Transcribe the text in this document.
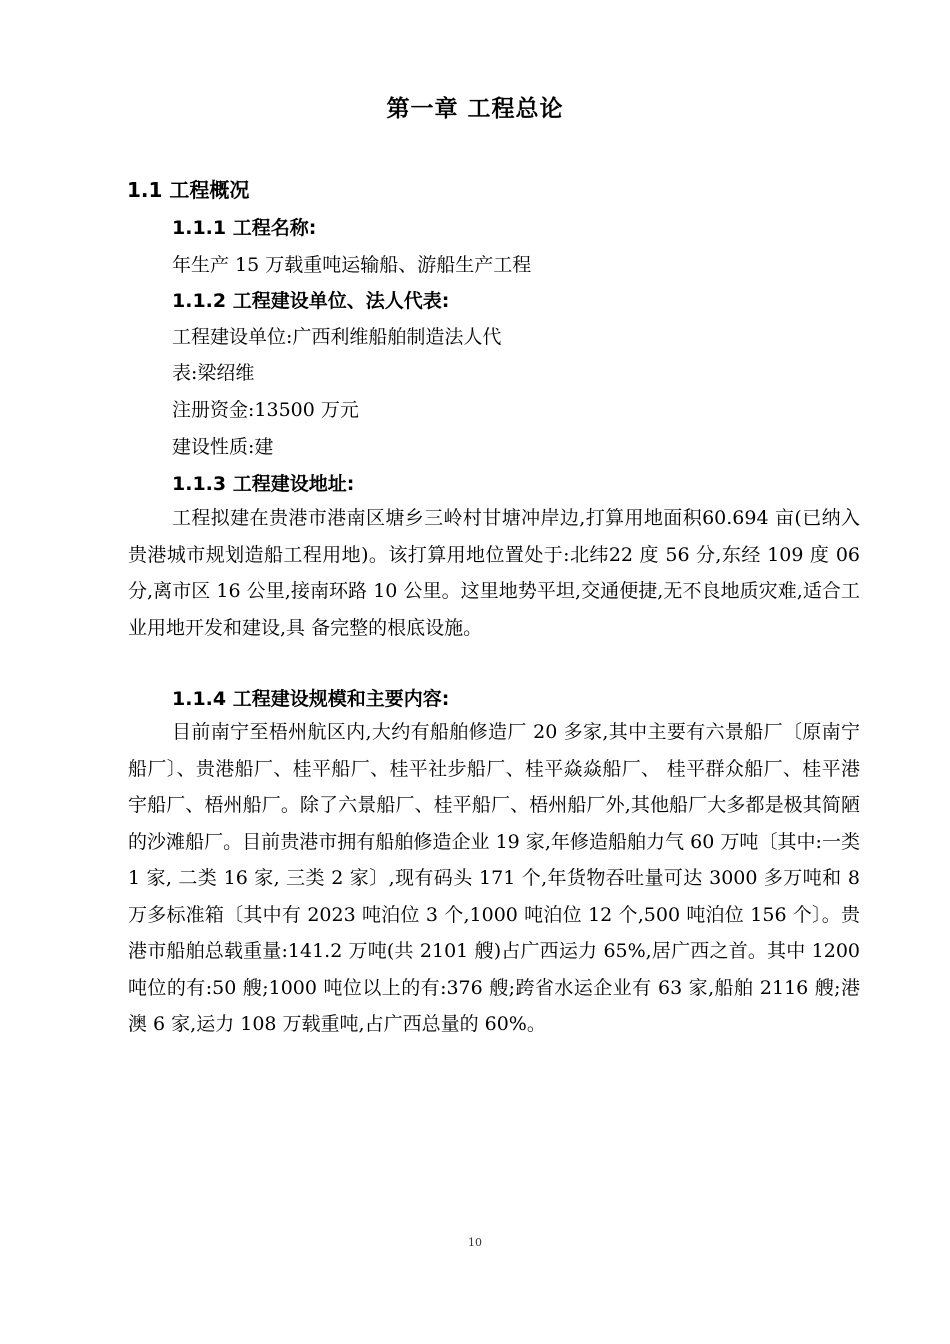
第一章 工程总论
1.1 工程概况
1.1.1 工程名称:
年生产 15 万载重吨运输船、游船生产工程
1.1.2 工程建设单位、法人代表:
工程建设单位:广西利维船舶制造法人代
表:梁绍维
注册资金:13500 万元
建设性质:建
1.1.3 工程建设地址:
工程拟建在贵港市港南区塘乡三岭村甘塘冲岸边,打算用地面积60.694 亩(已纳入贵港城市规划造船工程用地)。该打算用地位置处于:北纬22 度 56 分,东经 109 度 06 分,离市区 16 公里,接南环路 10 公里。这里地势平坦,交通便捷,无不良地质灾难,适合工业用地开发和建设,具 备完整的根底设施。
1.1.4 工程建设规模和主要内容:
目前南宁至梧州航区内,大约有船舶修造厂 20 多家,其中主要有六景船厂〔原南宁船厂〕、贵港船厂、桂平船厂、桂平社步船厂、桂平焱焱船厂、 桂平群众船厂、桂平港宇船厂、梧州船厂。除了六景船厂、桂平船厂、梧州船厂外,其他船厂大多都是极其简陋的沙滩船厂。目前贵港市拥有船舶修造企业 19 家,年修造船舶力气 60 万吨〔其中:一类 1 家, 二类 16 家, 三类 2 家〕,现有码头 171 个,年货物吞吐量可达 3000 多万吨和 8 万多标准箱〔其中有 2023 吨泊位 3 个,1000 吨泊位 12 个,500 吨泊位 156 个〕。贵港市船舶总载重量:141.2 万吨(共 2101 艘)占广西运力 65%,居广西之首。其中 1200 吨位的有:50 艘;1000 吨位以上的有:376 艘;跨省水运企业有 63 家,船舶 2116 艘;港澳 6 家,运力 108 万载重吨,占广西总量的 60%。
10
